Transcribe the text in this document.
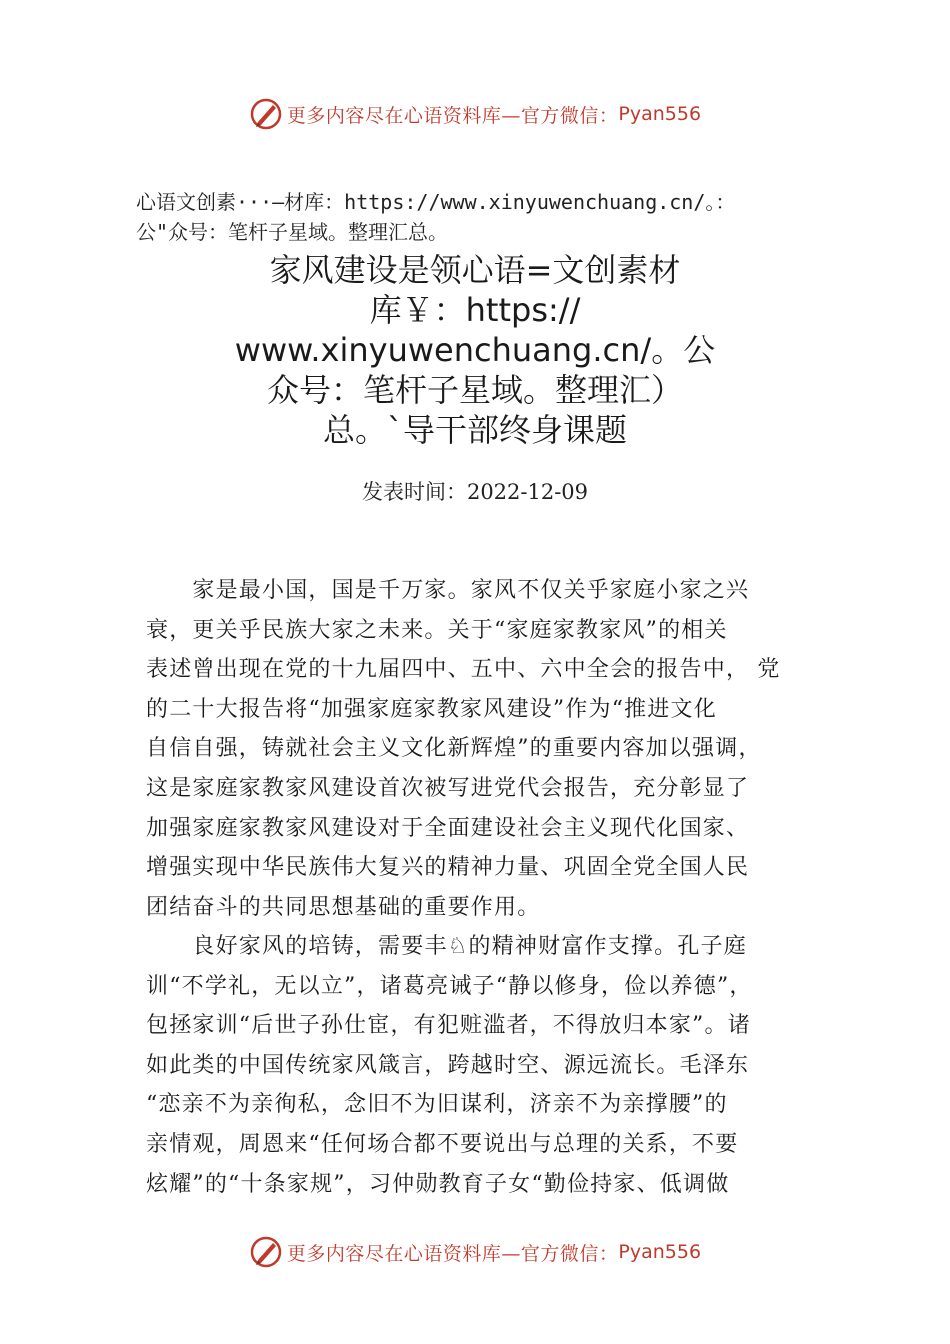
更多内容尽在心语资料库—官方微信： Pyan556
心语文创素···—材库：https://www.xinyuwenchuang.cn/。：
公"众号：笔杆子星域。整理汇总。
家风建设是领心语=文创素材
库￥：https://
www.xinyuwenchuang.cn/。公
众号：笔杆子星域。整理汇）
总。`导干部终身课题
发表时间：2022-12-09
　　家是最小国，国是千万家。家风不仅关乎家庭小家之兴
衰，更关乎民族大家之未来。关于“家庭家教家风”的相关
表述曾出现在党的十九届四中、五中、六中全会的报告中， 党
的二十大报告将“加强家庭家教家风建设”作为“推进文化
自信自强，铸就社会主义文化新辉煌”的重要内容加以强调，
这是家庭家教家风建设首次被写进党代会报告，充分彰显了
加强家庭家教家风建设对于全面建设社会主义现代化国家、
增强实现中华民族伟大复兴的精神力量、巩固全党全国人民
团结奋斗的共同思想基础的重要作用。
　　良好家风的培铸，需要丰♘的精神财富作支撑。孔子庭
训“不学礼，无以立”，诸葛亮诫子“静以修身，俭以养德”，
包拯家训“后世子孙仕宦，有犯赃滥者，不得放归本家”。诸
如此类的中国传统家风箴言，跨越时空、源远流长。毛泽东
“恋亲不为亲徇私，念旧不为旧谋利，济亲不为亲撑腰”的
亲情观，周恩来“任何场合都不要说出与总理的关系，不要
炫耀”的“十条家规”，习仲勋教育子女“勤俭持家、低调做
更多内容尽在心语资料库—官方微信： Pyan556
